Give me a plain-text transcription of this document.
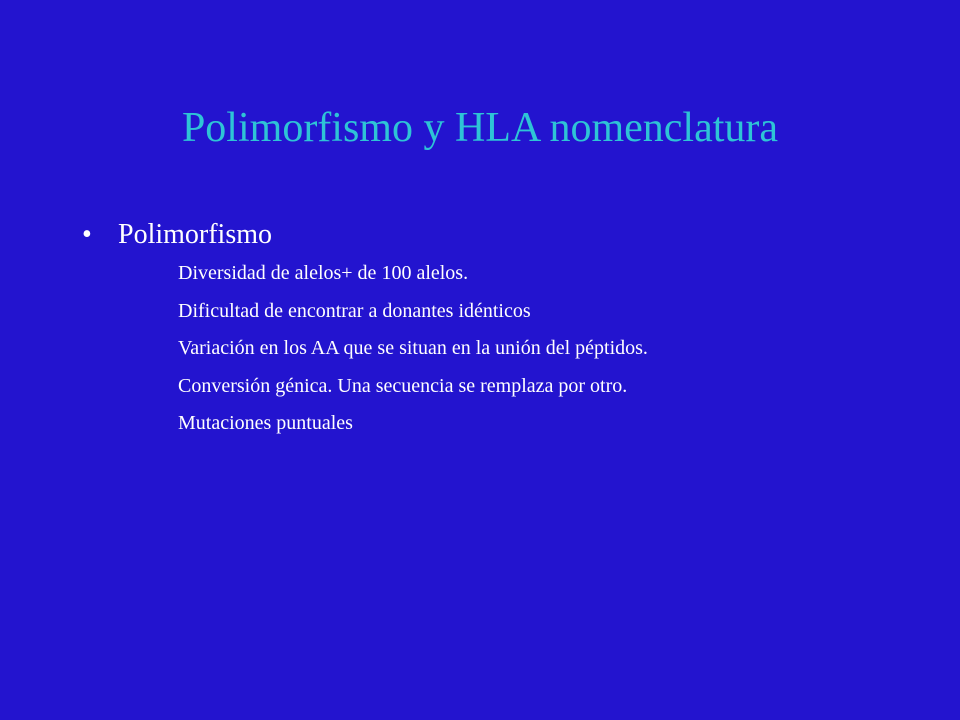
Polimorfismo y HLA nomenclatura
• Polimorfismo
Diversidad de alelos+ de 100 alelos.
Dificultad de encontrar a donantes idénticos
Variación en los AA que se situan en la unión del péptidos.
Conversión génica. Una secuencia se remplaza por otro.
Mutaciones puntuales
